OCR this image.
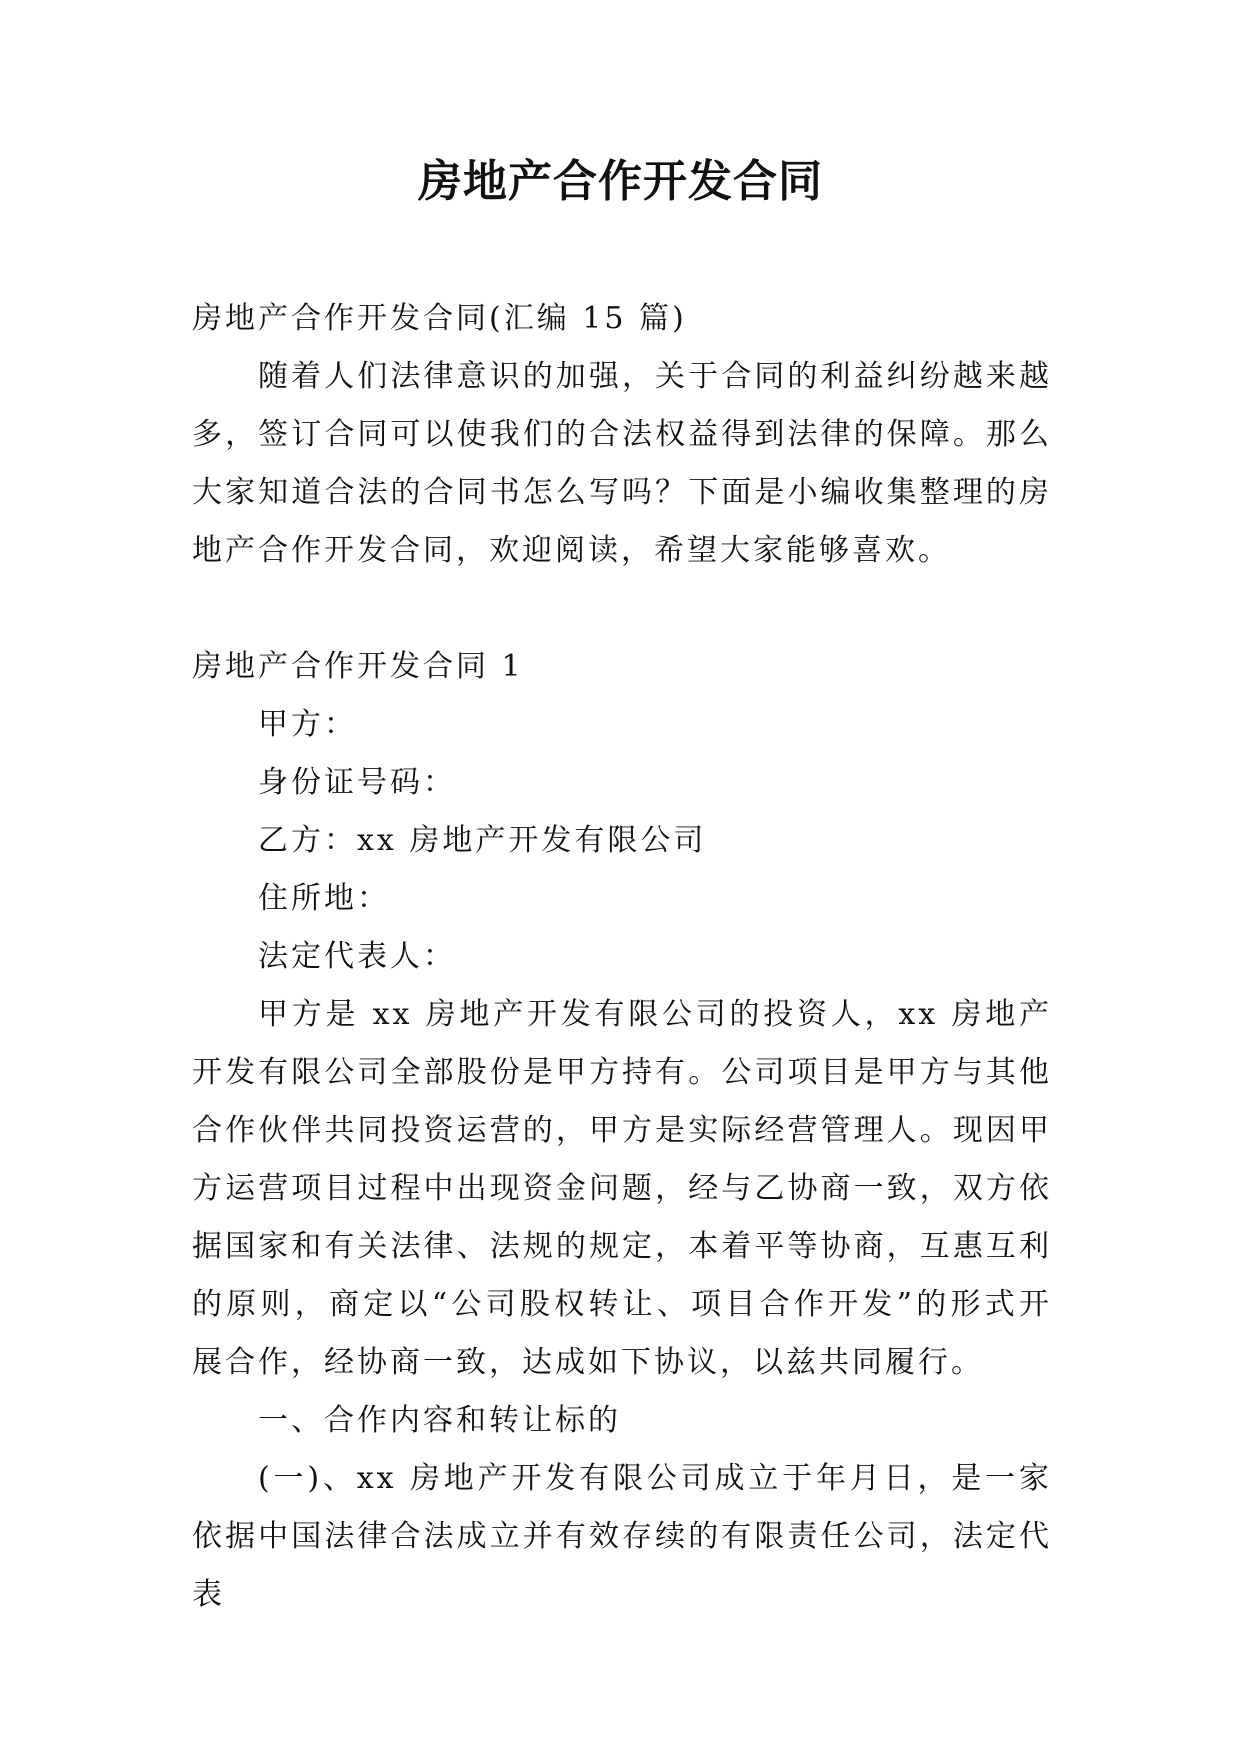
房地产合作开发合同

房地产合作开发合同(汇编 15 篇)

随着人们法律意识的加强，关于合同的利益纠纷越来越多，签订合同可以使我们的合法权益得到法律的保障。那么大家知道合法的合同书怎么写吗？下面是小编收集整理的房地产合作开发合同，欢迎阅读，希望大家能够喜欢。

房地产合作开发合同 1

甲方：

身份证号码：

乙方：xx 房地产开发有限公司

住所地：

法定代表人：

甲方是 xx 房地产开发有限公司的投资人，xx 房地产开发有限公司全部股份是甲方持有。公司项目是甲方与其他合作伙伴共同投资运营的，甲方是实际经营管理人。现因甲方运营项目过程中出现资金问题，经与乙协商一致，双方依据国家和有关法律、法规的规定，本着平等协商，互惠互利的原则，商定以“公司股权转让、项目合作开发”的形式开展合作，经协商一致，达成如下协议，以兹共同履行。

一、合作内容和转让标的

(一)、xx 房地产开发有限公司成立于年月日，是一家依据中国法律合法成立并有效存续的有限责任公司，法定代表
